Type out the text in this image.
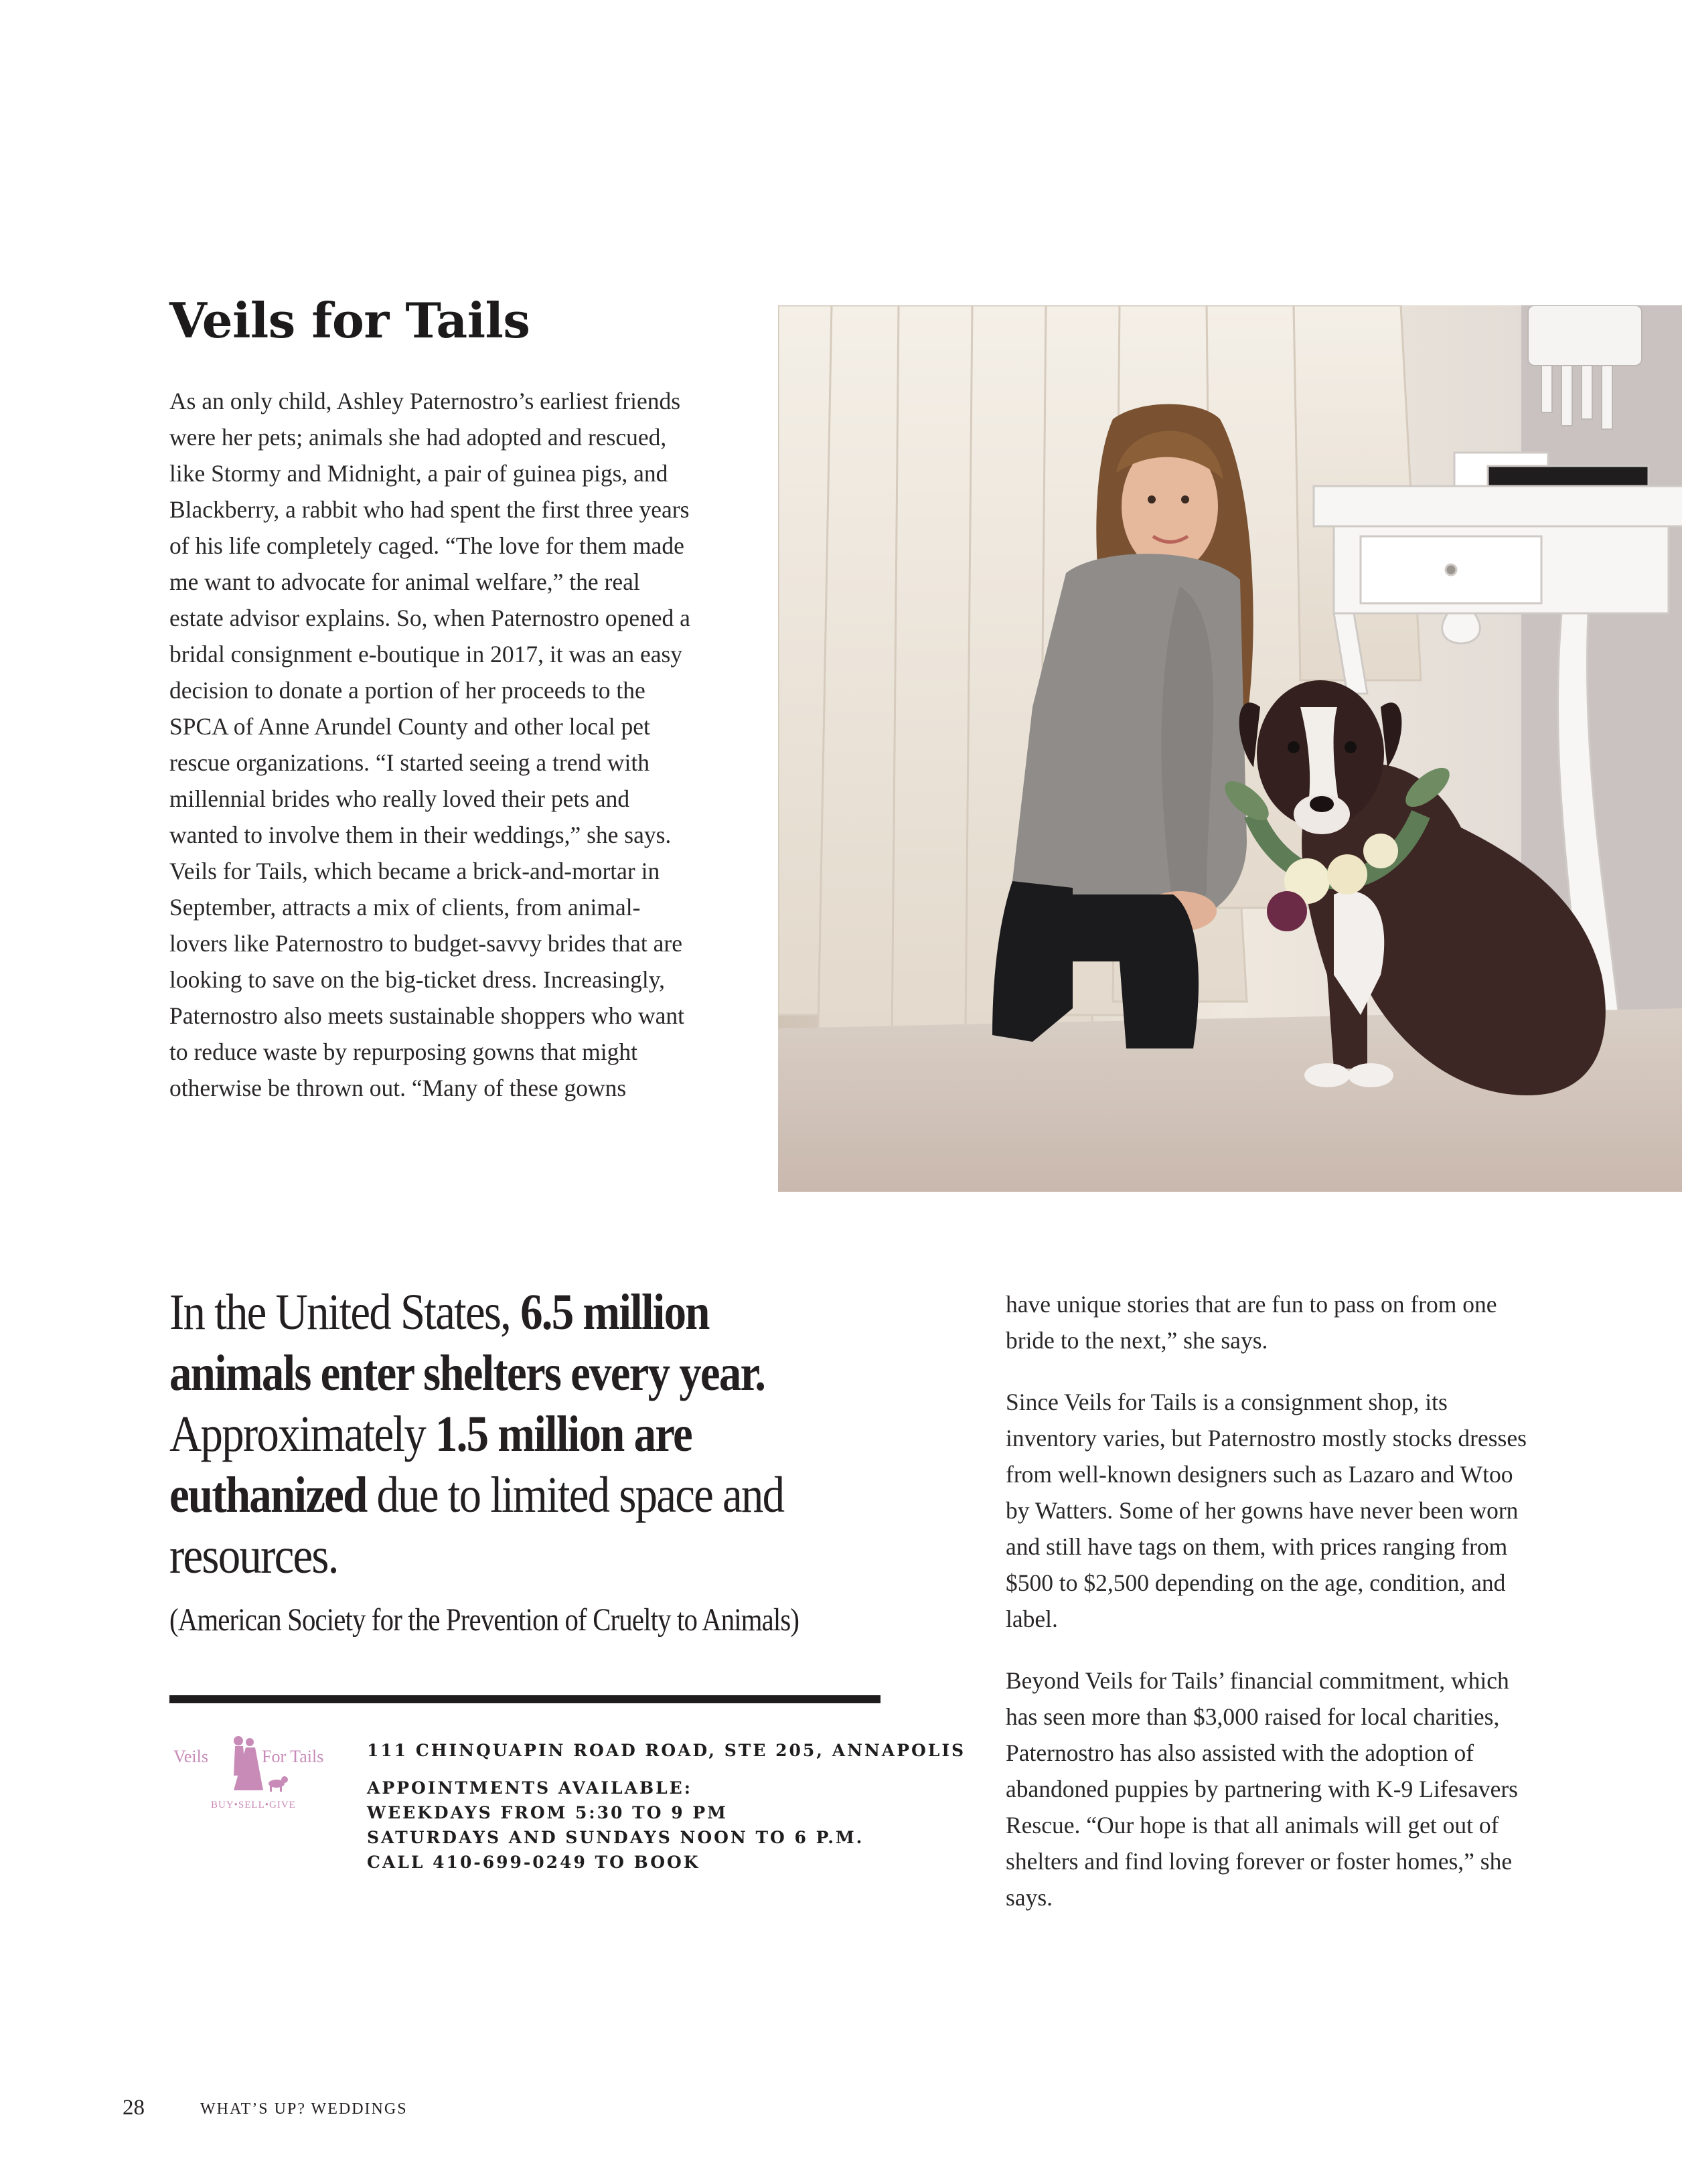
Veils for Tails

As an only child, Ashley Paternostro’s earliest friends were her pets; animals she had adopted and rescued, like Stormy and Midnight, a pair of guinea pigs, and Blackberry, a rabbit who had spent the first three years of his life completely caged. “The love for them made me want to advocate for animal welfare,” the real estate advisor explains. So, when Paternostro opened a bridal consignment e-boutique in 2017, it was an easy decision to donate a portion of her proceeds to the SPCA of Anne Arundel County and other local pet rescue organizations. “I started seeing a trend with millennial brides who really loved their pets and wanted to involve them in their weddings,” she says. Veils for Tails, which became a brick-and-mortar in September, attracts a mix of clients, from animal-lovers like Paternostro to budget-savvy brides that are looking to save on the big-ticket dress. Increasingly, Paternostro also meets sustainable shoppers who want to reduce waste by repurposing gowns that might otherwise be thrown out. “Many of these gowns

In the United States, 6.5 million animals enter shelters every year. Approximately 1.5 million are euthanized due to limited space and resources.
(American Society for the Prevention of Cruelty to Animals)
Veils	For Tails
BUY•SELL•GIVE

111 CHINQUAPIN ROAD ROAD, STE 205, ANNAPOLIS

APPOINTMENTS AVAILABLE:

WEEKDAYS FROM 5:30 TO 9 PM

SATURDAYS AND SUNDAYS NOON TO 6 P.M.

CALL 410-699-0249 TO BOOK

have unique stories that are fun to pass on from one bride to the next,” she says.

Since Veils for Tails is a consignment shop, its inventory varies, but Paternostro mostly stocks dresses from well-known designers such as Lazaro and Wtoo by Watters. Some of her gowns have never been worn and still have tags on them, with prices ranging from $500 to $2,500 depending on the age, condition, and label.

Beyond Veils for Tails’ financial commitment, which has seen more than $3,000 raised for local charities, Paternostro has also assisted with the adoption of abandoned puppies by partnering with K-9 Lifesavers Rescue. “Our hope is that all animals will get out of shelters and find loving forever or foster homes,” she says.

28	WHAT’S UP? WEDDINGS
